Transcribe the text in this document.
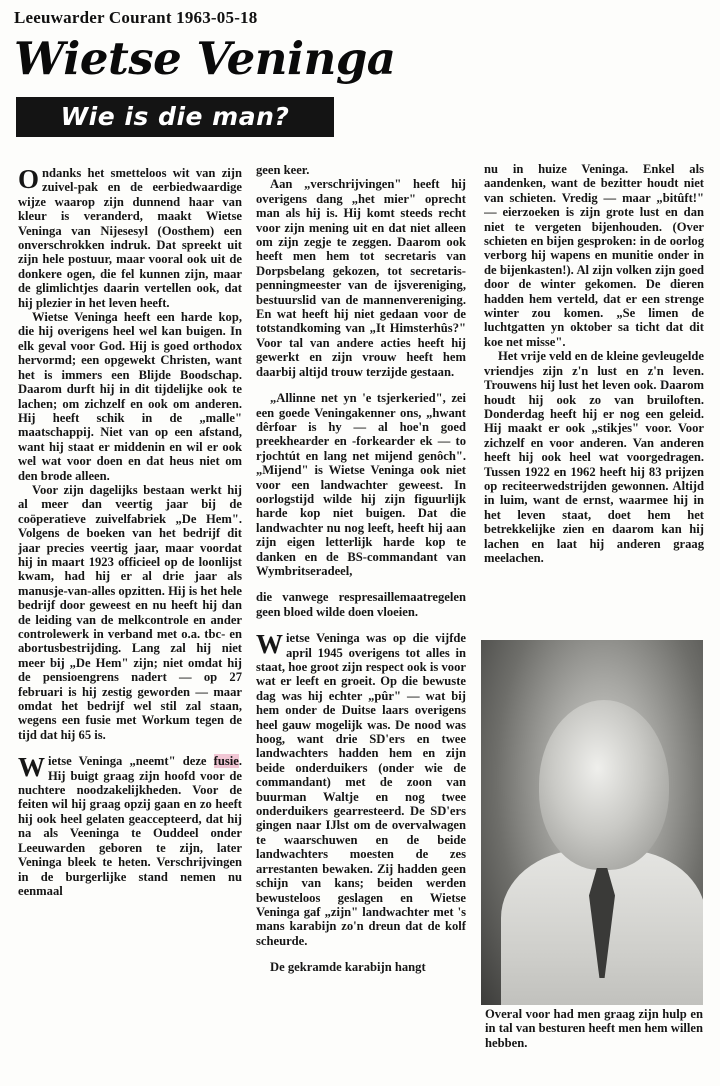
Leeuwarder Courant 1963-05-18
Wietse Veninga
Wie is die man?

Ondanks het smetteloos wit van zijn zuivel-pak en de eerbiedwaardige wijze waarop zijn dunnend haar van kleur is veranderd, maakt Wietse Veninga van Nijesesyl (Oosthem) een onverschrokken indruk. Dat spreekt uit zijn hele postuur, maar vooral ook uit de donkere ogen, die fel kunnen zijn, maar de glimlichtjes daarin vertellen ook, dat hij plezier in het leven heeft.

Wietse Veninga heeft een harde kop, die hij overigens heel wel kan buigen. In elk geval voor God. Hij is goed orthodox hervormd; een opgewekt Christen, want het is immers een Blijde Boodschap. Daarom durft hij in dit tijdelijke ook te lachen; om zichzelf en ook om anderen. Hij heeft schik in de „malle" maatschappij. Niet van op een afstand, want hij staat er middenin en wil er ook wel wat voor doen en dat heus niet om den brode alleen.

Voor zijn dagelijks bestaan werkt hij al meer dan veertig jaar bij de coöperatieve zuivelfabriek „De Hem". Volgens de boeken van het bedrijf dit jaar precies veertig jaar, maar voordat hij in maart 1923 officieel op de loonlijst kwam, had hij er al drie jaar als manusje-van-alles opzitten. Hij is het hele bedrijf door geweest en nu heeft hij dan de leiding van de melkcontrole en ander controlewerk in verband met o.a. tbc- en abortusbestrijding. Lang zal hij niet meer bij „De Hem" zijn; niet omdat hij de pensioengrens nadert — op 27 februari is hij zestig geworden — maar omdat het bedrijf wel stil zal staan, wegens een fusie met Workum tegen de tijd dat hij 65 is.

Wietse Veninga „neemt" deze fusie. Hij buigt graag zijn hoofd voor de nuchtere noodzakelijkheden. Voor de feiten wil hij graag opzij gaan en zo heeft hij ook heel gelaten geaccepteerd, dat hij na als Veeninga te Ouddeel onder Leeuwarden geboren te zijn, later Veninga bleek te heten. Verschrijvingen in de burgerlijke stand nemen nu eenmaal

geen keer.

Aan „verschrijvingen" heeft hij overigens dang „het mier" oprecht man als hij is. Hij komt steeds recht voor zijn mening uit en dat niet alleen om zijn zegje te zeggen. Daarom ook heeft men hem tot secretaris van Dorpsbelang gekozen, tot secretaris-penningmeester van de ijsvereniging, bestuurslid van de mannenvereniging. En wat heeft hij niet gedaan voor de totstandkoming van „It Himsterhûs?" Voor tal van andere acties heeft hij gewerkt en zijn vrouw heeft hem daarbij altijd trouw terzijde gestaan.

„Allinne net yn 'e tsjerkeried", zei een goede Veningakenner ons, „hwant dêrfoar is hy — al hoe'n goed preekhearder en -forkearder ek — to rjochtút en lang net mijend genôch". „Mijend" is Wietse Veninga ook niet voor een landwachter geweest. In oorlogstijd wilde hij zijn figuurlijk harde kop niet buigen. Dat die landwachter nu nog leeft, heeft hij aan zijn eigen letterlijk harde kop te danken en de BS-commandant van Wymbritseradeel,

die vanwege respresaillemaatregelen geen bloed wilde doen vloeien.

Wietse Veninga was op die vijfde april 1945 overigens tot alles in staat, hoe groot zijn respect ook is voor wat er leeft en groeit. Op die bewuste dag was hij echter „pûr" — wat bij hem onder de Duitse laars overigens heel gauw mogelijk was. De nood was hoog, want drie SD'ers en twee landwachters hadden hem en zijn beide onderduikers (onder wie de commandant) met de zoon van buurman Waltje en nog twee onderduikers gearresteerd. De SD'ers gingen naar IJlst om de overvalwagen te waarschuwen en de beide landwachters moesten de zes arrestanten bewaken. Zij hadden geen schijn van kans; beiden werden bewusteloos geslagen en Wietse Veninga gaf „zijn" landwachter met 's mans karabijn zo'n dreun dat de kolf scheurde.

De gekramde karabijn hangt

nu in huize Veninga. Enkel als aandenken, want de bezitter houdt niet van schieten. Vredig — maar „bitûft!" — eierzoeken is zijn grote lust en dan niet te vergeten bijenhouden. (Over schieten en bijen gesproken: in de oorlog verborg hij wapens en munitie onder in de bijenkasten!). Al zijn volken zijn goed door de winter gekomen. De dieren hadden hem verteld, dat er een strenge winter zou komen. „Se limen de luchtgatten yn oktober sa ticht dat dit koe net misse".

Het vrije veld en de kleine gevleugelde vriendjes zijn z'n lust en z'n leven. Trouwens hij lust het leven ook. Daarom houdt hij ook zo van bruiloften. Donderdag heeft hij er nog een geleid. Hij maakt er ook „stikjes" voor. Voor zichzelf en voor anderen. Van anderen heeft hij ook heel wat voorgedragen. Tussen 1922 en 1962 heeft hij 83 prijzen op reciteerwedstrijden gewonnen. Altijd in luim, want de ernst, waarmee hij in het leven staat, doet hem het betrekkelijke zien en daarom kan hij lachen en laat hij anderen graag meelachen.

Overal voor had men graag zijn hulp en in tal van besturen heeft men hem willen hebben.
